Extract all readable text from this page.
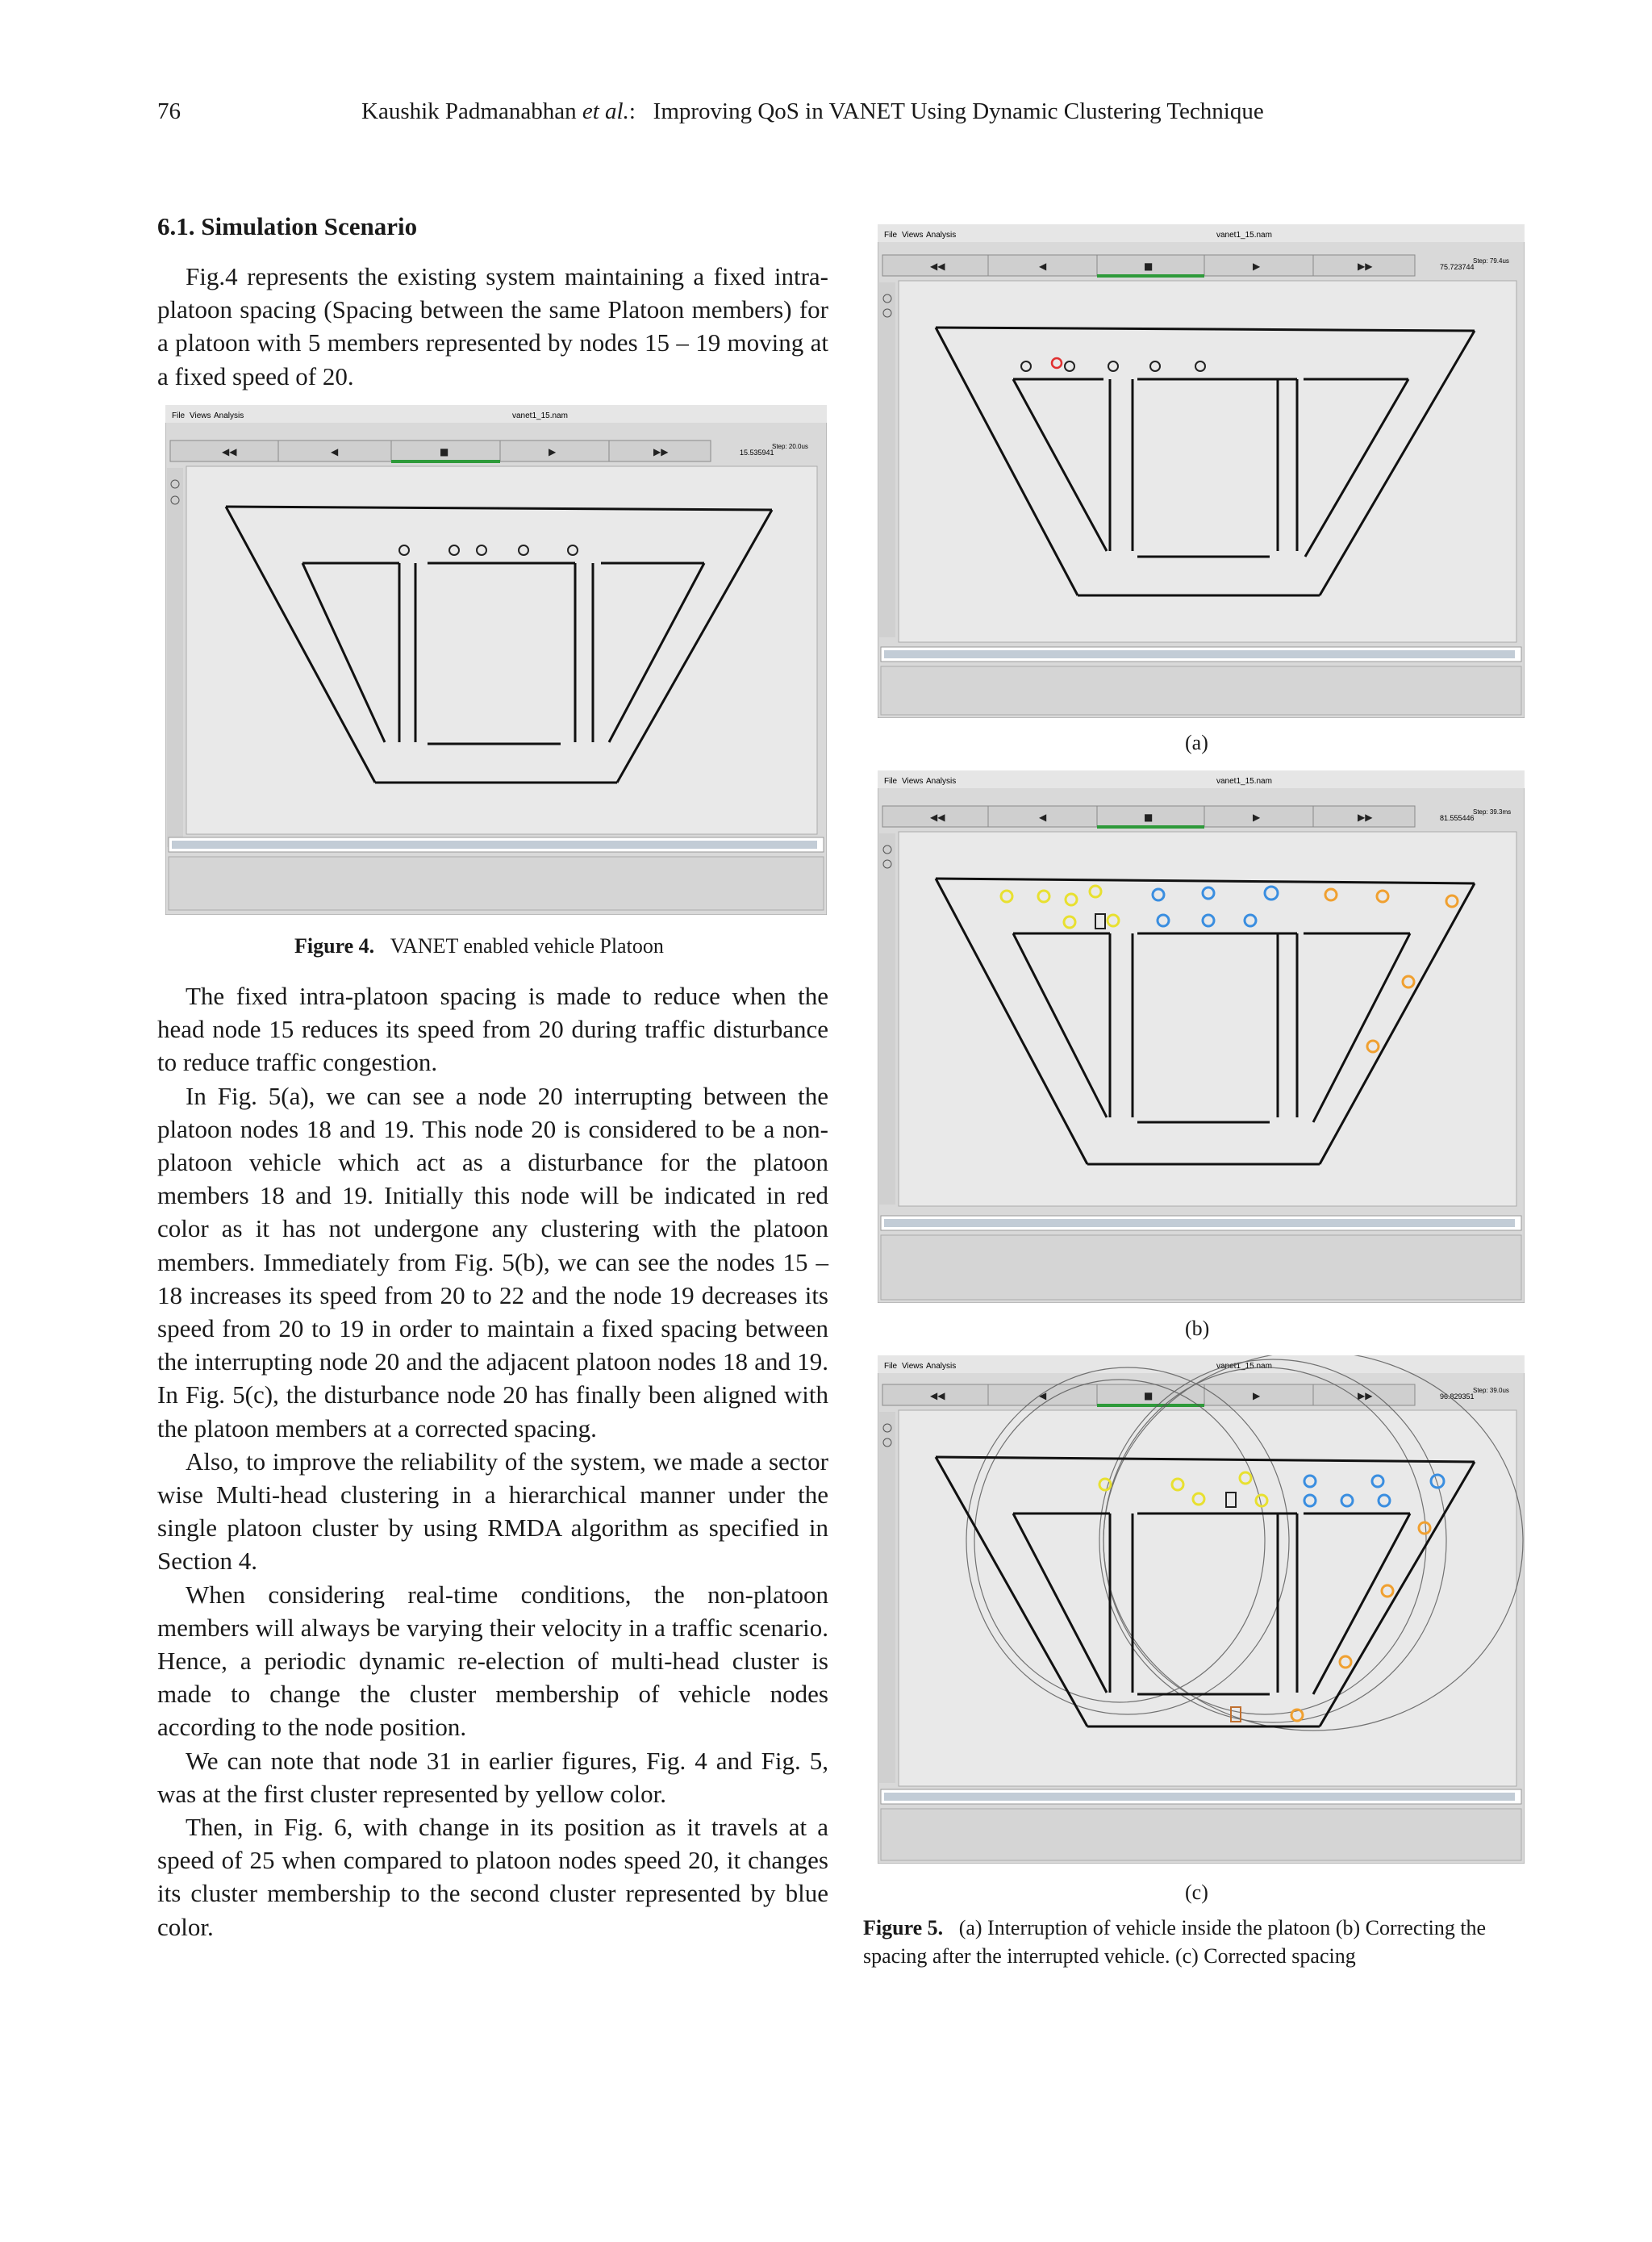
76	Kaushik Padmanabhan et al.: Improving QoS in VANET Using Dynamic Clustering Technique
6.1. Simulation Scenario

Fig.4 represents the existing system maintaining a fixed intra-platoon spacing (Spacing between the same Platoon members) for a platoon with 5 members represented by nodes 15 – 19 moving at a fixed speed of 20.

File Views Analysis	vanet1_15.nam
◀◀	◀	■	▶	▶▶	15.535941
Step: 20.0us
Figure 4. VANET enabled vehicle Platoon

The fixed intra-platoon spacing is made to reduce when the head node 15 reduces its speed from 20 during traffic disturbance to reduce traffic congestion.

In Fig. 5(a), we can see a node 20 interrupting between the platoon nodes 18 and 19. This node 20 is considered to be a non-platoon vehicle which act as a disturbance for the platoon members 18 and 19. Initially this node will be indicated in red color as it has not undergone any clustering with the platoon members. Immediately from Fig. 5(b), we can see the nodes 15 – 18 increases its speed from 20 to 22 and the node 19 decreases its speed from 20 to 19 in order to maintain a fixed spacing between the interrupting node 20 and the adjacent platoon nodes 18 and 19. In Fig. 5(c), the disturbance node 20 has finally been aligned with the platoon members at a corrected spacing.

Also, to improve the reliability of the system, we made a sector wise Multi-head clustering in a hierarchical manner under the single platoon cluster by using RMDA algorithm as specified in Section 4.

When considering real-time conditions, the non-platoon members will always be varying their velocity in a traffic scenario. Hence, a periodic dynamic re-election of multi-head cluster is made to change the cluster membership of vehicle nodes according to the node position.

We can note that node 31 in earlier figures, Fig. 4 and Fig. 5, was at the first cluster represented by yellow color.

Then, in Fig. 6, with change in its position as it travels at a speed of 25 when compared to platoon nodes speed 20, it changes its cluster membership to the second cluster represented by blue color.

File Views Analysis	vanet1_15.nam
◀◀	◀	■	▶	▶▶	75.723744
Step: 79.4us
(a)
File Views Analysis	vanet1_15.nam
◀◀	◀	■	▶	▶▶	81.555446
Step: 39.3ms
(b)
File Views Analysis	vanet1_15.nam
◀◀	◀	■	▶	▶▶	96.829351
Step: 39.0us
(c)
Figure 5. (a) Interruption of vehicle inside the platoon (b) Correcting the spacing after the interrupted vehicle. (c) Corrected spacing
